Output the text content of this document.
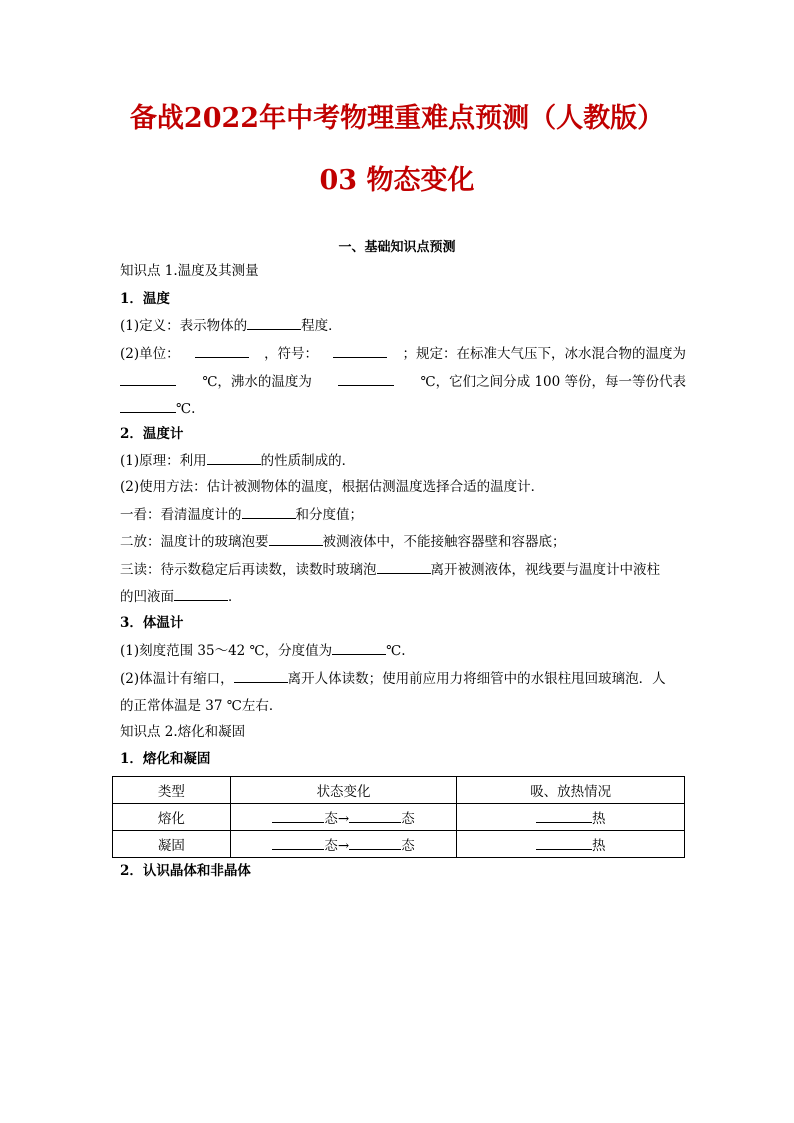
备战2022年中考物理重难点预测（人教版）
03 物态变化
一、基础知识点预测
知识点 1.温度及其测量
1．温度
(1)定义：表示物体的	程度．
(2)单位：	，符号：	；规定：在标准大气压下，冰水混合物的温度为
℃，沸水的温度为	℃，它们之间分成 100 等份，每一等份代表
℃.
2．温度计
(1)原理：利用	的性质制成的．
(2)使用方法：估计被测物体的温度，根据估测温度选择合适的温度计．
一看：看清温度计的	和分度值；
二放：温度计的玻璃泡要	被测液体中，不能接触容器壁和容器底；
三读：待示数稳定后再读数，读数时玻璃泡	离开被测液体，视线要与温度计中液柱
的凹液面	．
3．体温计
(1)刻度范围 35～42 ℃，分度值为	℃.
(2)体温计有缩口，	离开人体读数；使用前应用力将细管中的水银柱甩回玻璃泡．人
的正常体温是 37 ℃左右．
知识点 2.熔化和凝固
1．熔化和凝固
类型	状态变化	吸、放热情况
熔化	态→ 态	热
凝固	态→ 态	热
2．认识晶体和非晶体
